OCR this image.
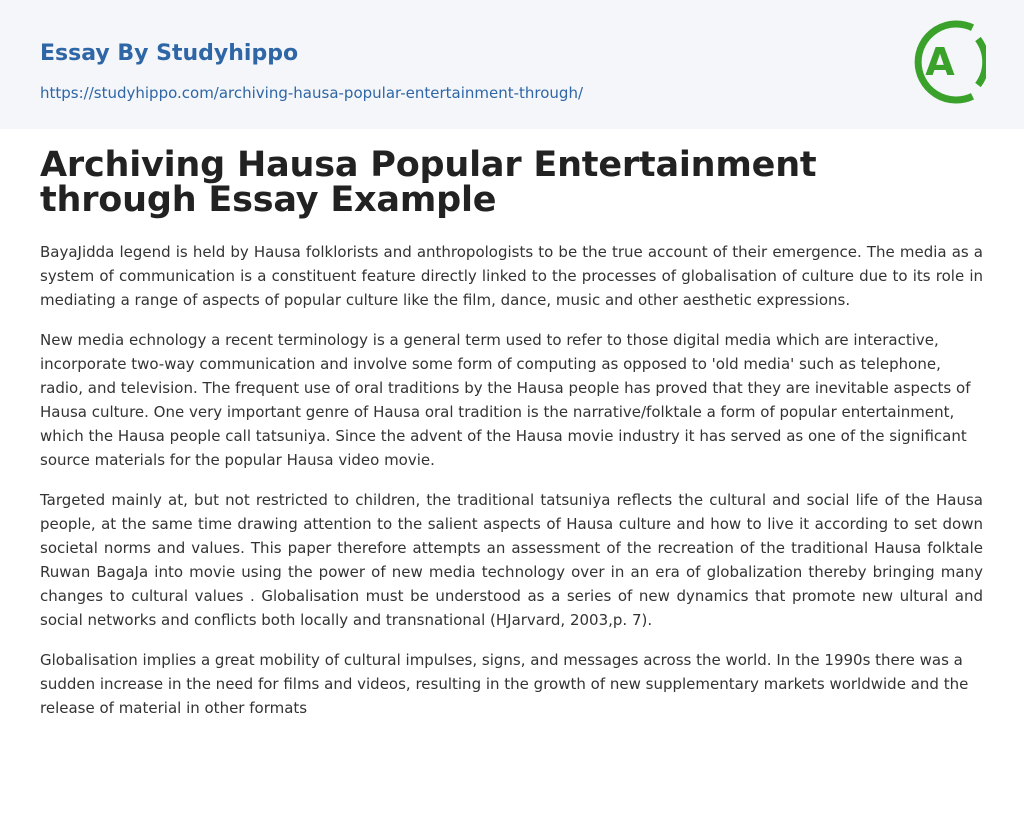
Essay By Studyhippo
https://studyhippo.com/archiving-hausa-popular-entertainment-through/
A
Archiving Hausa Popular Entertainment through Essay Example

BayaJidda legend is held by Hausa folklorists and anthropologists to be the true account of their emergence. The media as a system of communication is a constituent feature directly linked to the processes of globalisation of culture due to its role in mediating a range of aspects of popular culture like the film, dance, music and other aesthetic expressions.

New media echnology a recent terminology is a general term used to refer to those digital media which are interactive, incorporate two-way communication and involve some form of computing as opposed to 'old media' such as telephone, radio, and television. The frequent use of oral traditions by the Hausa people has proved that they are inevitable aspects of Hausa culture. One very important genre of Hausa oral tradition is the narrative/folktale a form of popular entertainment, which the Hausa people call tatsuniya. Since the advent of the Hausa movie industry it has served as one of the significant source materials for the popular Hausa video movie.

Targeted mainly at, but not restricted to children, the traditional tatsuniya reflects the cultural and social life of the Hausa people, at the same time drawing attention to the salient aspects of Hausa culture and how to live it according to set down societal norms and values. This paper therefore attempts an assessment of the recreation of the traditional Hausa folktale Ruwan BagaJa into movie using the power of new media technology over in an era of globalization thereby bringing many changes to cultural values . Globalisation must be understood as a series of new dynamics that promote new ultural and social networks and conflicts both locally and transnational (HJarvard, 2003,p. 7).

Globalisation implies a great mobility of cultural impulses, signs, and messages across the world. In the 1990s there was a sudden increase in the need for films and videos, resulting in the growth of new supplementary markets worldwide and the release of material in other formats
